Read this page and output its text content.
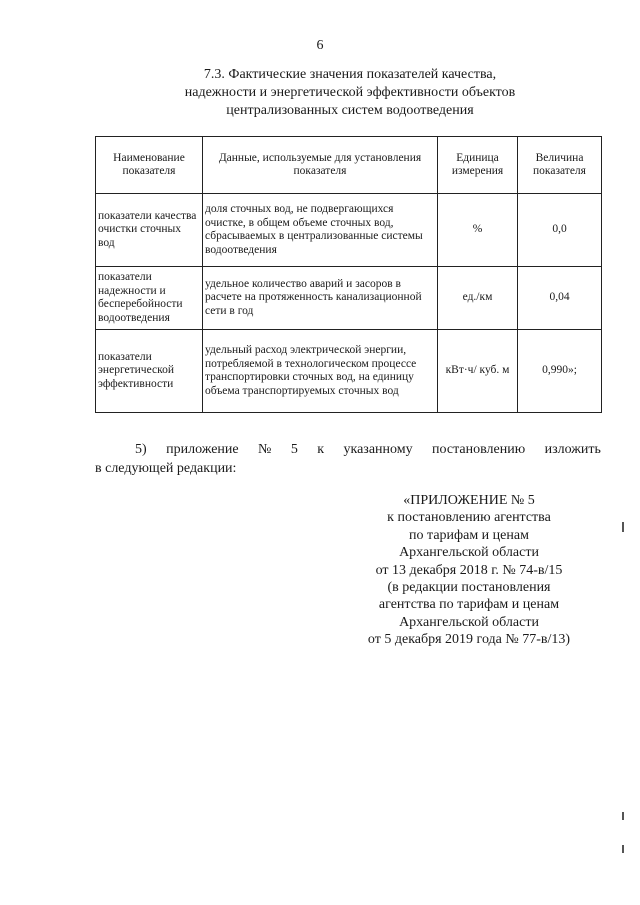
6
7.3. Фактические значения показателей качества,
надежности и энергетической эффективности объектов
централизованных систем водоотведения
Наименование показателя	Данные, используемые для установления показателя	Единица измерения	Величина показателя
показатели качества очистки сточных вод	доля сточных вод, не подвергающихся очистке, в общем объеме сточных вод, сбрасываемых в централизованные системы водоотведения	%	0,0
показатели надежности и бесперебойности водоотведения	удельное количество аварий и засоров в расчете на протяженность канализационной сети в год	ед./км	0,04
показатели энергетической эффективности	удельный расход электрической энергии, потребляемой в технологическом процессе транспортировки сточных вод, на единицу объема транспортируемых сточных вод	кВт·ч/ куб. м	0,990»;
5) приложение № 5 к указанному постановлению изложить
в следующей редакции:
«ПРИЛОЖЕНИЕ № 5
к постановлению агентства
по тарифам и ценам
Архангельской области
от 13 декабря 2018 г. № 74-в/15
(в редакции постановления
агентства по тарифам и ценам
Архангельской области
от 5 декабря 2019 года № 77-в/13)
